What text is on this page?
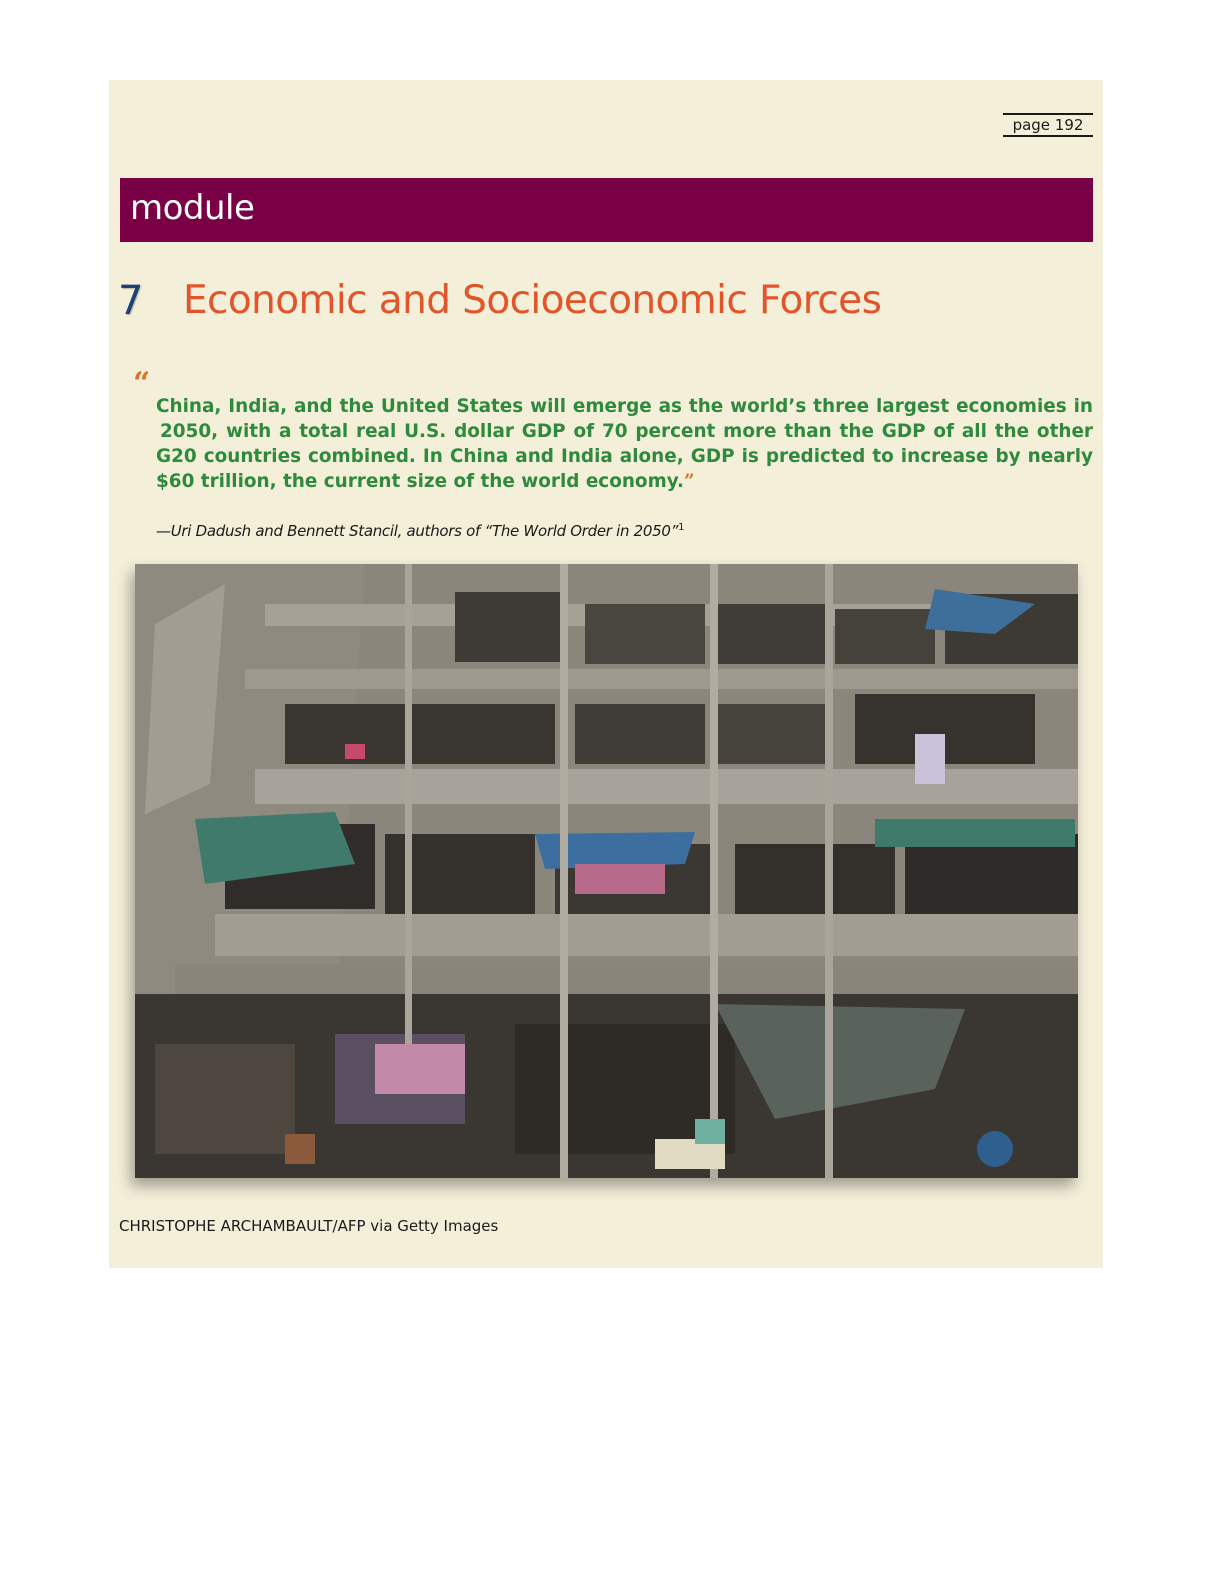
page 192
module
7 Economic and Socioeconomic Forces
“
China, India, and the United States will emerge as the world’s three largest economies in 2050, with a total real U.S. dollar GDP of 70 percent more than the GDP of all the other G20 countries combined. In China and India alone, GDP is predicted to increase by nearly $60 trillion, the current size of the world economy.”
—Uri Dadush and Bennett Stancil, authors of “The World Order in 2050”$^1$
CHRISTOPHE ARCHAMBAULT/AFP via Getty Images
